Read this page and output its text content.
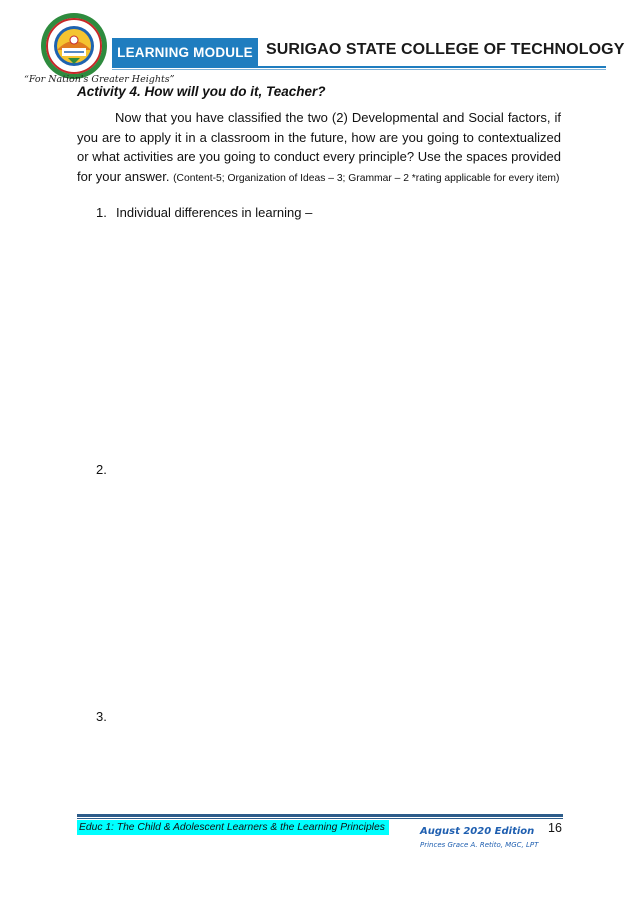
LEARNING MODULE SURIGAO STATE COLLEGE OF TECHNOLOGY
“For Nation's Greater Heights”
Activity 4. How will you do it, Teacher?

Now that you have classified the two (2) Developmental and Social factors, if you are to apply it in a classroom in the future, how are you going to contextualized or what activities are you going to conduct every principle? Use the spaces provided for your answer. (Content-5; Organization of Ideas – 3; Grammar – 2 *rating applicable for every item)

1. Individual differences in learning –
2.
3.
Educ 1: The Child & Adolescent Learners & the Learning Principles	August 2020 Edition
Princes Grace A. Retito, MGC, LPT
16
